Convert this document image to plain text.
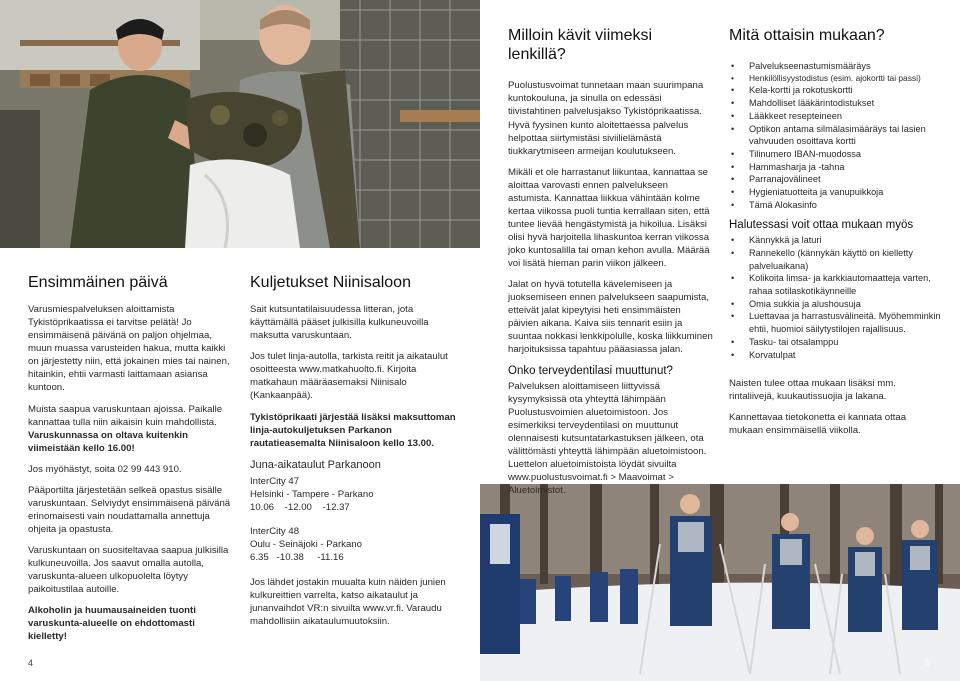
Ensimmäinen päivä

Varusmiespalveluksen aloittamista Tykistöprikaatissa ei tarvitse pelätä! Jo ensimmäisenä päivänä on paljon ohjelmaa, muun muassa varusteiden hakua, mutta kaikki on järjestetty niin, että jokainen mies tai nainen, hitainkin, ehtii varmasti laittamaan asiansa kuntoon.

Muista saapua varuskuntaan ajoissa. Paikalle kannattaa tulla niin aikaisin kuin mahdollista. Varuskunnassa on oltava kuitenkin viimeistään kello 16.00!

Jos myöhästyt, soita 02 99 443 910.

Pääportilta järjestetään selkeä opastus sisälle varuskuntaan. Selviydyt ensimmäisenä päivänä erinomaisesti vain noudattamalla annettuja ohjeita ja opastusta.

Varuskuntaan on suositeltavaa saapua julkisilla kulkuneuvoilla. Jos saavut omalla autolla, varuskunta-alueen ulkopuolelta löytyy paikoitustilaa autoille.

Alkoholin ja huumausaineiden tuonti varuskunta-alueelle on ehdottomasti kielletty!

Kuljetukset Niinisaloon

Sait kutsuntatilaisuudessa litteran, jota käyttämällä pääset julkisilla kulkuneuvoilla maksutta varuskuntaan.

Jos tulet linja-autolla, tarkista reitit ja aikataulut osoitteesta www.matkahuolto.fi. Kirjoita matkahaun määräasemaksi Niinisalo (Kankaanpää).

Tykistöprikaati järjestää lisäksi maksuttoman linja-autokuljetuksen Parkanon rautatieasemalta Niinisaloon kello 13.00.

Juna-aikataulut Parkanoon
InterCity 47
Helsinki - Tampere - Parkano
10.06    -12.00    -12.37
InterCity 48
Oulu - Seinäjoki - Parkano
6.35   -10.38     -11.16

Jos lähdet jostakin muualta kuin näiden junien kulkureittien varrelta, katso aikataulut ja junanvaihdot VR:n sivuilta www.vr.fi. Varaudu mahdollisiin aikataulumuutoksiin.

Milloin kävit viimeksi lenkillä?

Puolustusvoimat tunnetaan maan suurimpana kuntokouluna, ja sinulla on edessäsi tiivistahtinen palvelusjakso Tykistöprikaatissa. Hyvä fyysinen kunto aloitettaessa palvelus helpottaa siirtymistäsi siviilielämästä tiukkarytmiseen armeijan koulutukseen.

Mikäli et ole harrastanut liikuntaa, kannattaa se aloittaa varovasti ennen palvelukseen astumista. Kannattaa liikkua vähintään kolme kertaa viikossa puoli tuntia kerrallaan siten, että tuntee lievää hengästymistä ja hikoilua. Lisäksi olisi hyvä harjoitella lihaskuntoa kerran viikossa joko kuntosalilla tai oman kehon avulla. Määrää voi lisätä hieman parin viikon jälkeen.

Jalat on hyvä totutella kävelemiseen ja juoksemiseen ennen palvelukseen saapumista, etteivät jalat kipeytyisi heti ensimmäisten päivien aikana. Kaiva siis tennarit esiin ja suuntaa nokkasi lenkkipolulle, koska liikkuminen harjoituksissa tapahtuu pääasiassa jalan.

Onko terveydentilasi muuttunut?

Palveluksen aloittamiseen liittyvissä kysymyksissä ota yhteyttä lähimpään Puolustusvoimien aluetoimistoon. Jos esimerkiksi terveydentilasi on muuttunut olennaisesti kutsuntatarkastuksen jälkeen, ota välittömästi yhteyttä lähimpään aluetoimistoon. Luettelon aluetoimistoista löydät sivuilta www.puolustusvoimat.fi > Maavoimat > Aluetoimistot.

Mitä ottaisin mukaan?
• Palvelukseenastumismääräys
• Henkilöllisyystodistus (esim. ajokortti tai passi)
• Kela-kortti ja rokotuskortti
• Mahdolliset lääkärintodistukset
• Lääkkeet resepteineen
• Optikon antama silmälasimääräys tai lasien vahvuuden osoittava kortti
• Tilinumero IBAN-muodossa
• Hammasharja ja -tahna
• Parranajovälineet
• Hygieniatuotteita ja vanupuikkoja
• Tämä Alokasinfo
Halutessasi voit ottaa mukaan myös
• Kännykkä ja laturi
• Rannekello (kännykän käyttö on kielletty palveluaikana)
• Kolikoita limsa- ja karkkiautomaatteja varten, rahaa sotilaskotikäynneille
• Omia sukkia ja alushousuja
• Luettavaa ja harrastusvälineitä. Myöhemminkin ehtii, huomioi säilytystilojen rajallisuus.
• Tasku- tai otsalamppu
• Korvatulpat

Naisten tulee ottaa mukaan lisäksi mm. rintaliivejä, kuukautissuojia ja lakana.

Kannettavaa tietokonetta ei kannata ottaa mukaan ensimmäisellä viikolla.

4	5
